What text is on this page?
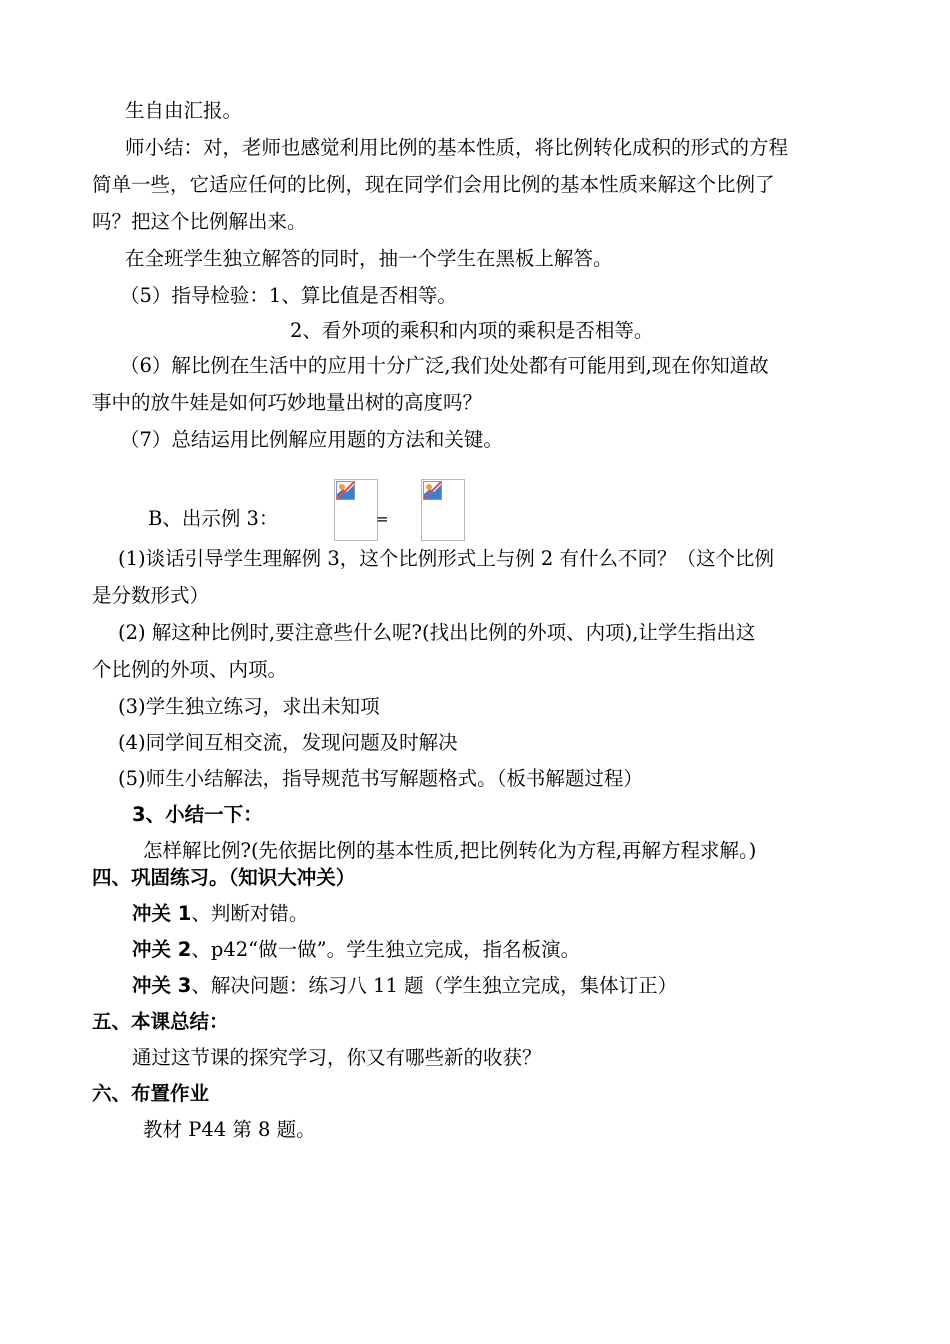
生自由汇报。
师小结：对，老师也感觉利用比例的基本性质，将比例转化成积的形式的方程
简单一些，它适应任何的比例，现在同学们会用比例的基本性质来解这个比例了
吗？把这个比例解出来。
在全班学生独立解答的同时，抽一个学生在黑板上解答。
（5）指导检验：1、算比值是否相等。
2、看外项的乘积和内项的乘积是否相等。
（6）解比例在生活中的应用十分广泛,我们处处都有可能用到,现在你知道故
事中的放牛娃是如何巧妙地量出树的高度吗？
（7）总结运用比例解应用题的方法和关键。
B、出示例 3：	=
(1)谈话引导学生理解例 3，这个比例形式上与例 2 有什么不同？（这个比例
是分数形式）
(2) 解这种比例时,要注意些什么呢?(找出比例的外项、内项),让学生指出这
个比例的外项、内项。
(3)学生独立练习，求出未知项
(4)同学间互相交流，发现问题及时解决
(5)师生小结解法，指导规范书写解题格式。（板书解题过程）
3、小结一下：
怎样解比例?(先依据比例的基本性质,把比例转化为方程,再解方程求解。)
四、巩固练习。（知识大冲关）
冲关 1、判断对错。
冲关 2、p42“做一做”。学生独立完成，指名板演。
冲关 3、解决问题：练习八 11 题（学生独立完成，集体订正）
五、本课总结：
通过这节课的探究学习，你又有哪些新的收获？
六、布置作业
教材 P44 第 8 题。
